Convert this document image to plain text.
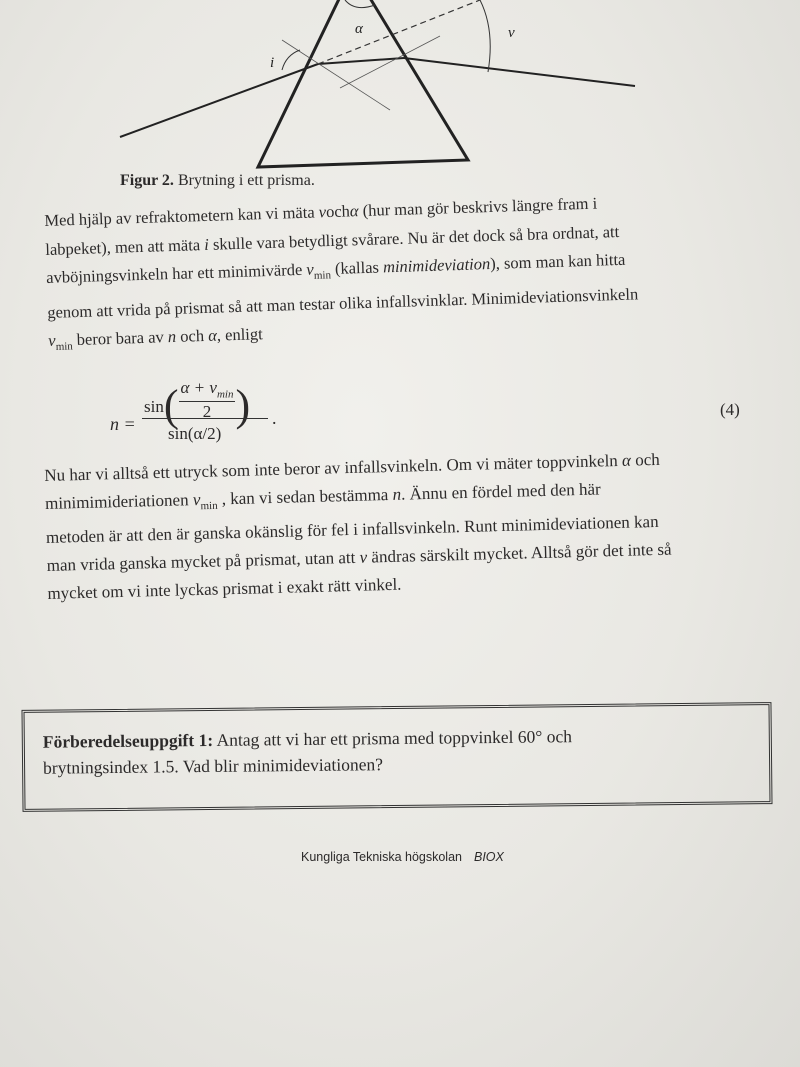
α
i
v
Figur 2. Brytning i ett prisma.
Med hjälp av refraktometern kan vi mäta vochα (hur man gör beskrivs längre fram i
labpeket), men att mäta i skulle vara betydligt svårare. Nu är det dock så bra ordnat, att
avböjningsvinkeln har ett minimivärde $v_{min}$ (kallas minimideviation), som man kan hitta
genom att vrida på prismat så att man testar olika infallsvinklar. Minimideviationsvinkeln
$v_{min}$ beror bara av n och α, enligt
n =
sin( $\alpha + v_{min}$
2 )
sin(α/2)
.	(4)
Nu har vi alltså ett utryck som inte beror av infallsvinkeln. Om vi mäter toppvinkeln α och
minimimideriationen $v_{min}$ , kan vi sedan bestämma n. Ännu en fördel med den här
metoden är att den är ganska okänslig för fel i infallsvinkeln. Runt minimideviationen kan
man vrida ganska mycket på prismat, utan att v ändras särskilt mycket. Alltså gör det inte så
mycket om vi inte lyckas prismat i exakt rätt vinkel.
Förberedelseuppgift 1: Antag att vi har ett prisma med toppvinkel 60° och
brytningsindex 1.5. Vad blir minimideviationen?
Kungliga Tekniska högskolan BIOX
